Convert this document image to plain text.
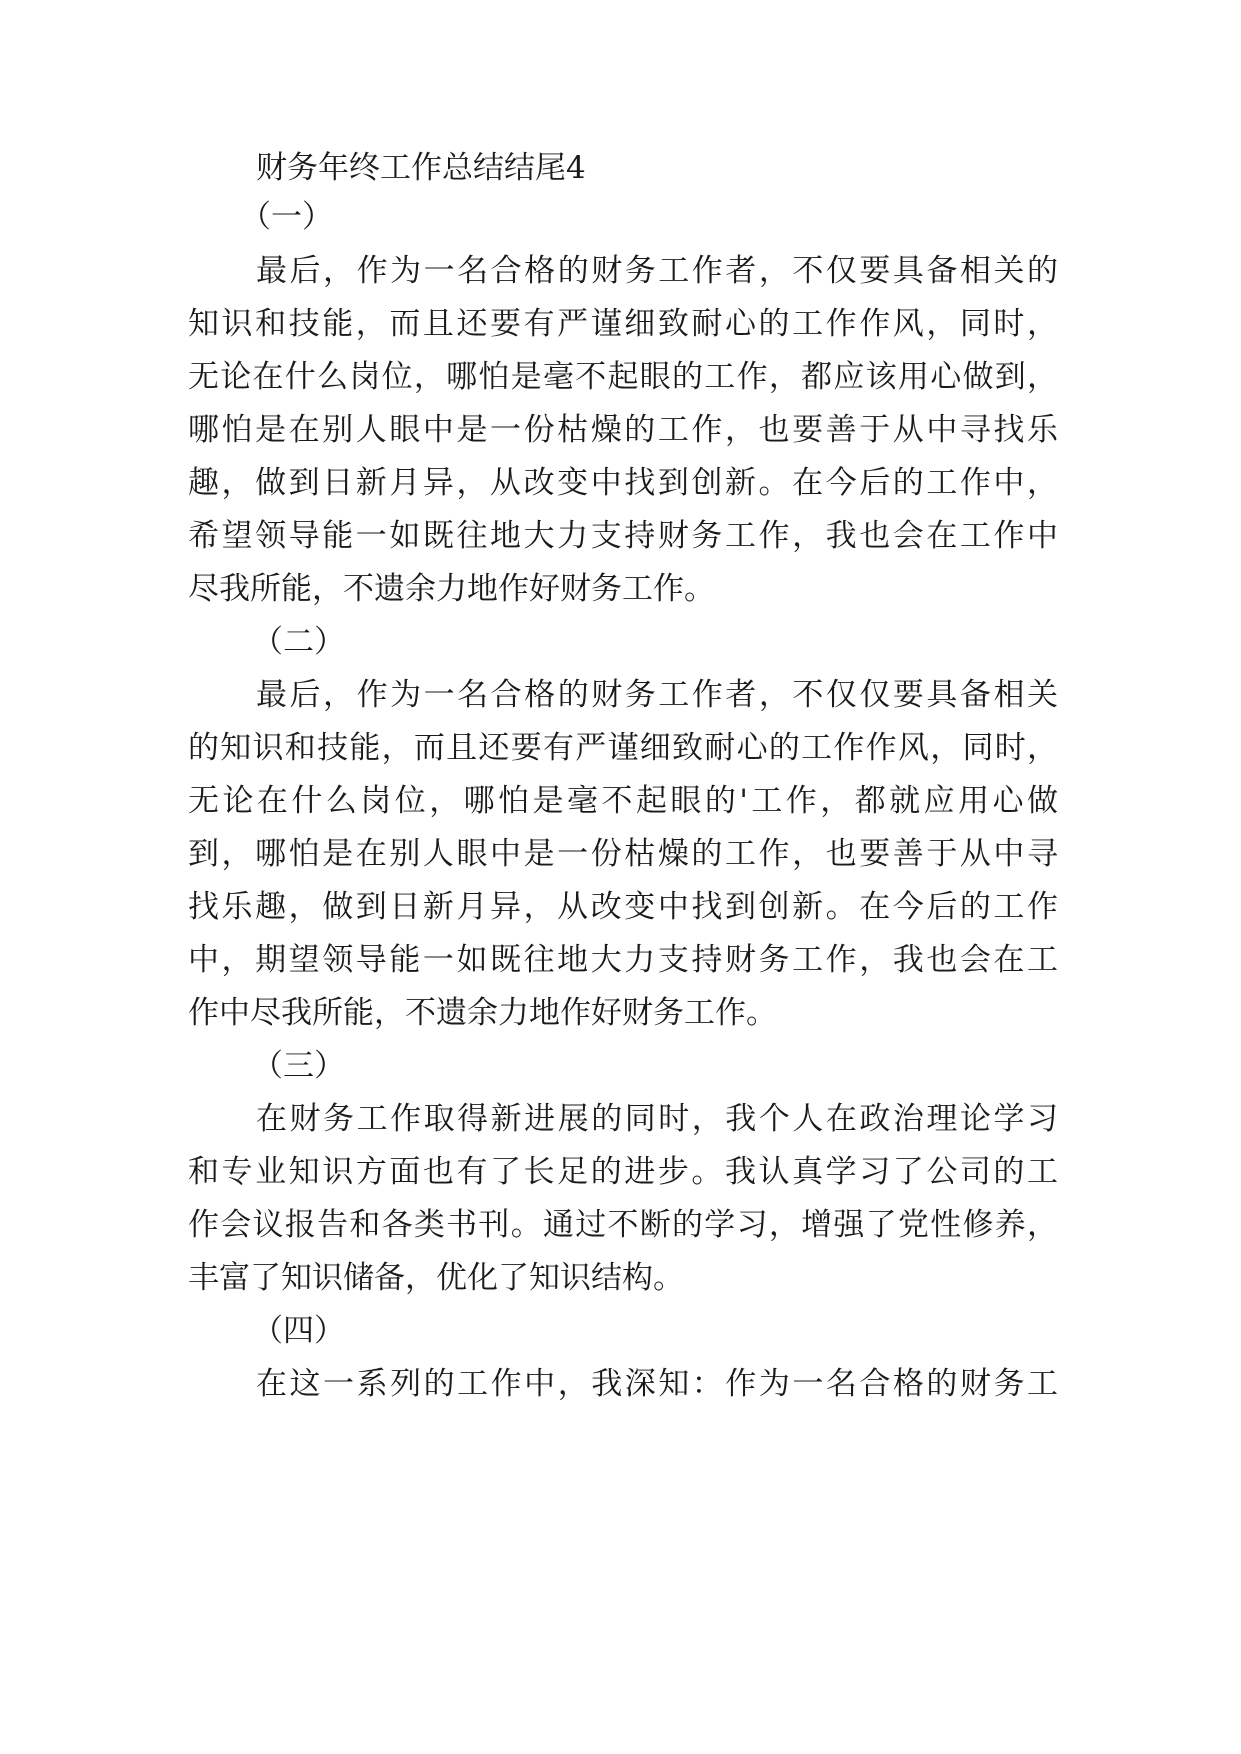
财务年终工作总结结尾4
（一）
最后，作为一名合格的财务工作者，不仅要具备相关的
知识和技能，而且还要有严谨细致耐心的工作作风，同时，
无论在什么岗位，哪怕是毫不起眼的工作，都应该用心做到，
哪怕是在别人眼中是一份枯燥的工作，也要善于从中寻找乐
趣，做到日新月异，从改变中找到创新。在今后的工作中，
希望领导能一如既往地大力支持财务工作，我也会在工作中
尽我所能，不遗余力地作好财务工作。
（二）
最后，作为一名合格的财务工作者，不仅仅要具备相关
的知识和技能，而且还要有严谨细致耐心的工作作风，同时，
无论在什么岗位，哪怕是毫不起眼的'工作，都就应用心做
到，哪怕是在别人眼中是一份枯燥的工作，也要善于从中寻
找乐趣，做到日新月异，从改变中找到创新。在今后的工作
中，期望领导能一如既往地大力支持财务工作，我也会在工
作中尽我所能，不遗余力地作好财务工作。
（三）
在财务工作取得新进展的同时，我个人在政治理论学习
和专业知识方面也有了长足的进步。我认真学习了公司的工
作会议报告和各类书刊。通过不断的学习，增强了党性修养，
丰富了知识储备，优化了知识结构。
（四）
在这一系列的工作中，我深知：作为一名合格的财务工
